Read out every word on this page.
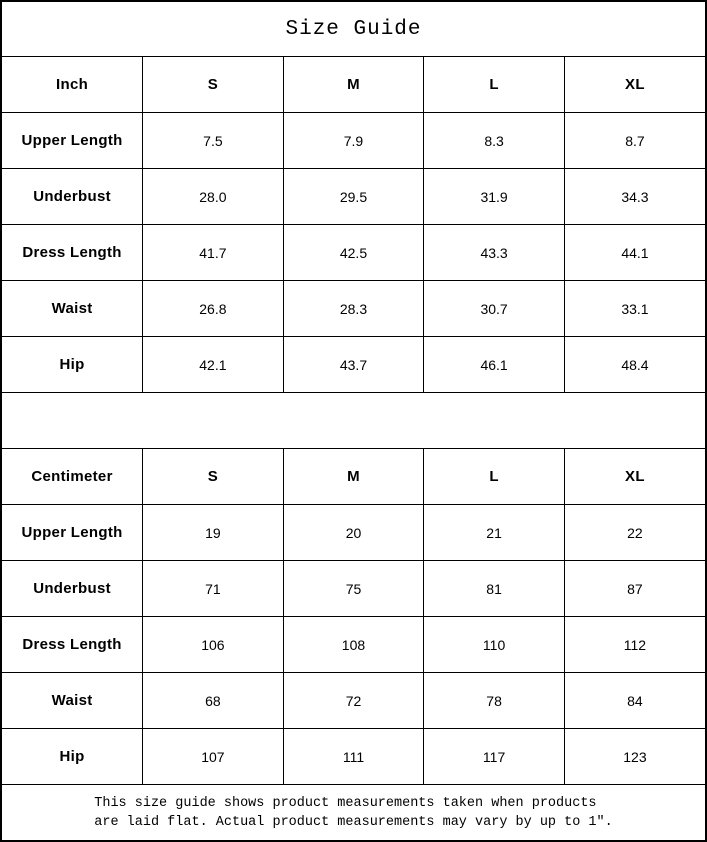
Size Guide
Inch	S	M	L	XL
Upper Length	7.5	7.9	8.3	8.7
Underbust	28.0	29.5	31.9	34.3
Dress Length	41.7	42.5	43.3	44.1
Waist	26.8	28.3	30.7	33.1
Hip	42.1	43.7	46.1	48.4
Centimeter	S	M	L	XL
Upper Length	19	20	21	22
Underbust	71	75	81	87
Dress Length	106	108	110	112
Waist	68	72	78	84
Hip	107	111	117	123
This size guide shows product measurements taken when products
are laid flat. Actual product measurements may vary by up to 1″.
